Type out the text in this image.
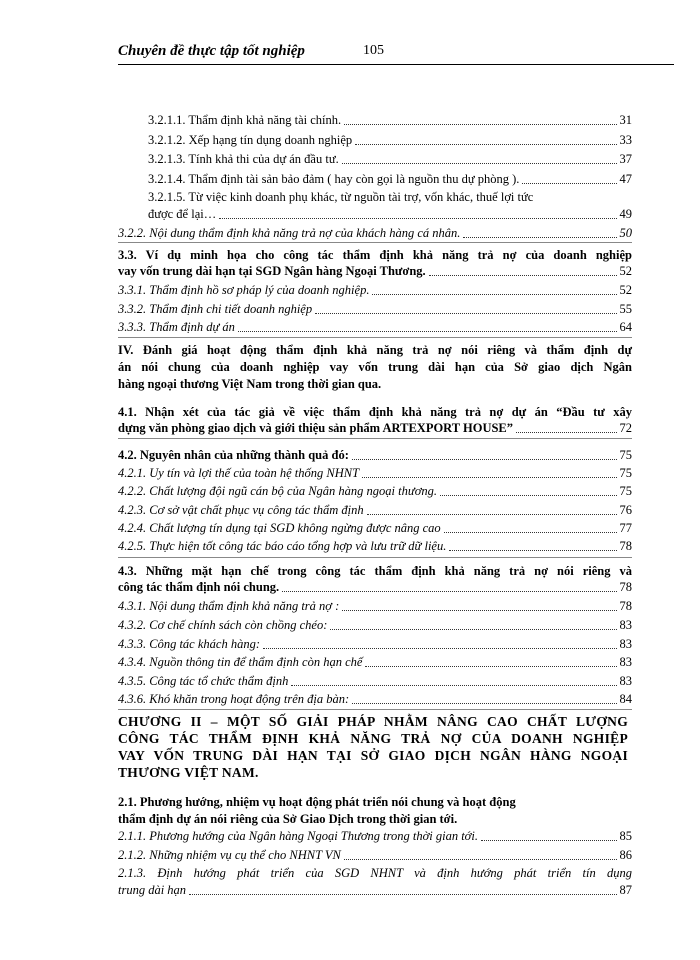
Chuyên đề thực tập tốt nghiệp	105
3.2.1.1. Thẩm định khả năng tài chính.	31
3.2.1.2. Xếp hạng tín dụng doanh nghiệp	33
3.2.1.3. Tính khả thi của dự án đầu tư.	37
3.2.1.4. Thẩm định tài sản bảo đảm ( hay còn gọi là nguồn thu dự phòng ).	47
3.2.1.5. Từ việc kinh doanh phụ khác, từ nguồn tài trợ, vốn khác, thuế lợi tức
được để lại…	49
3.2.2. Nội dung thẩm định khả năng trả nợ của khách hàng cá nhân.	50
3.3. Ví dụ minh họa cho công tác thẩm định khả năng trả nợ của doanh nghiệp
vay vốn trung dài hạn tại SGD Ngân hàng Ngoại Thương.	52
3.3.1. Thẩm định hồ sơ pháp lý của doanh nghiệp.	52
3.3.2. Thẩm định chi tiết doanh nghiệp	55
3.3.3. Thẩm định dự án	64
IV. Đánh giá hoạt động thẩm định khả năng trả nợ nói riêng và thẩm định dự
án nói chung của doanh nghiệp vay vốn trung dài hạn của Sở giao dịch Ngân
hàng ngoại thương Việt Nam trong thời gian qua.
4.1. Nhận xét của tác giả về việc thẩm định khả năng trả nợ dự án “Đầu tư xây
dựng văn phòng giao dịch và giới thiệu sản phẩm ARTEXPORT HOUSE”	72
4.2. Nguyên nhân của những thành quả đó:	75
4.2.1. Uy tín và lợi thế của toàn hệ thống NHNT	75
4.2.2. Chất lượng đội ngũ cán bộ của Ngân hàng ngoại thương.	75
4.2.3. Cơ sở vật chất phục vụ công tác thẩm định	76
4.2.4. Chất lượng tín dụng tại SGD không ngừng được nâng cao	77
4.2.5. Thực hiện tốt công tác báo cáo tổng hợp và lưu trữ dữ liệu.	78
4.3. Những mặt hạn chế trong công tác thẩm định khả năng trả nợ nói riêng và
công tác thẩm định nói chung.	78
4.3.1. Nội dung thẩm định khả năng trả nợ :	78
4.3.2. Cơ chế chính sách còn chồng chéo:	83
4.3.3. Công tác khách hàng:	83
4.3.4. Nguồn thông tin để thẩm định còn hạn chế	83
4.3.5. Công tác tổ chức thẩm định	83
4.3.6. Khó khăn trong hoạt động trên địa bàn:	84
CHƯƠNG II – MỘT SỐ GIẢI PHÁP NHẰM NÂNG CAO CHẤT LƯỢNG
CÔNG TÁC THẨM ĐỊNH KHẢ NĂNG TRẢ NỢ CỦA DOANH NGHIỆP
VAY VỐN TRUNG DÀI HẠN TẠI SỞ GIAO DỊCH NGÂN HÀNG NGOẠI
THƯƠNG VIỆT NAM.
2.1. Phương hướng, nhiệm vụ hoạt động phát triển nói chung và hoạt động
thẩm định dự án nói riêng của Sở Giao Dịch trong thời gian tới.
2.1.1. Phương hướng của Ngân hàng Ngoại Thương trong thời gian tới.	85
2.1.2. Những nhiệm vụ cụ thể cho NHNT VN	86
2.1.3. Định hướng phát triển của SGD NHNT và định hướng phát triển tín dụng
trung dài hạn	87
